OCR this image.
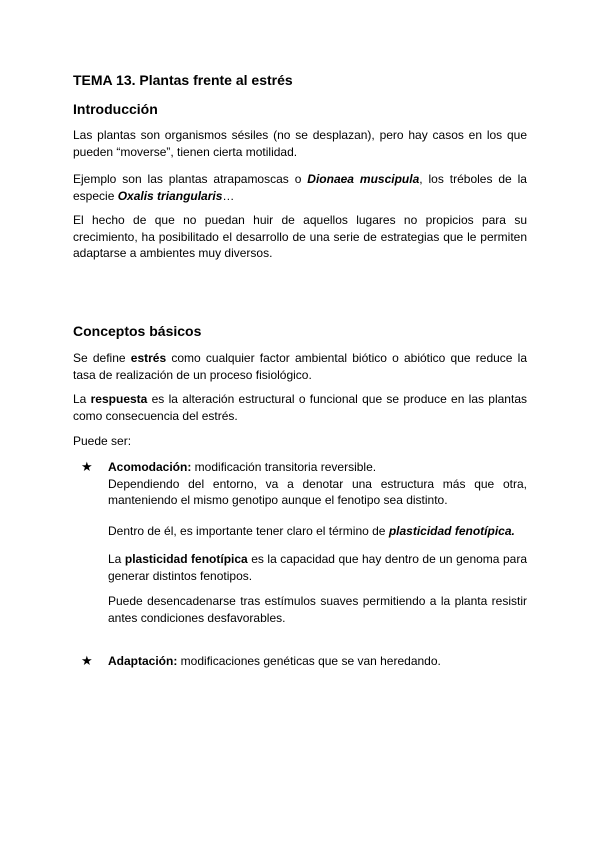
TEMA 13. Plantas frente al estrés
Introducción

Las plantas son organismos sésiles (no se desplazan), pero hay casos en los que pueden “moverse”, tienen cierta motilidad.

Ejemplo son las plantas atrapamoscas o Dionaea muscipula, los tréboles de la especie Oxalis triangularis…

El hecho de que no puedan huir de aquellos lugares no propicios para su crecimiento, ha posibilitado el desarrollo de una serie de estrategias que le permiten adaptarse a ambientes muy diversos.

Conceptos básicos

Se define estrés como cualquier factor ambiental biótico o abiótico que reduce la tasa de realización de un proceso fisiológico.

La respuesta es la alteración estructural o funcional que se produce en las plantas como consecuencia del estrés.

Puede ser:

★ Acomodación: modificación transitoria reversible.
Dependiendo del entorno, va a denotar una estructura más que otra, manteniendo el mismo genotipo aunque el fenotipo sea distinto.

Dentro de él, es importante tener claro el término de plasticidad fenotípica.

La plasticidad fenotípica es la capacidad que hay dentro de un genoma para generar distintos fenotipos.

Puede desencadenarse tras estímulos suaves permitiendo a la planta resistir antes condiciones desfavorables.

★ Adaptación: modificaciones genéticas que se van heredando.
